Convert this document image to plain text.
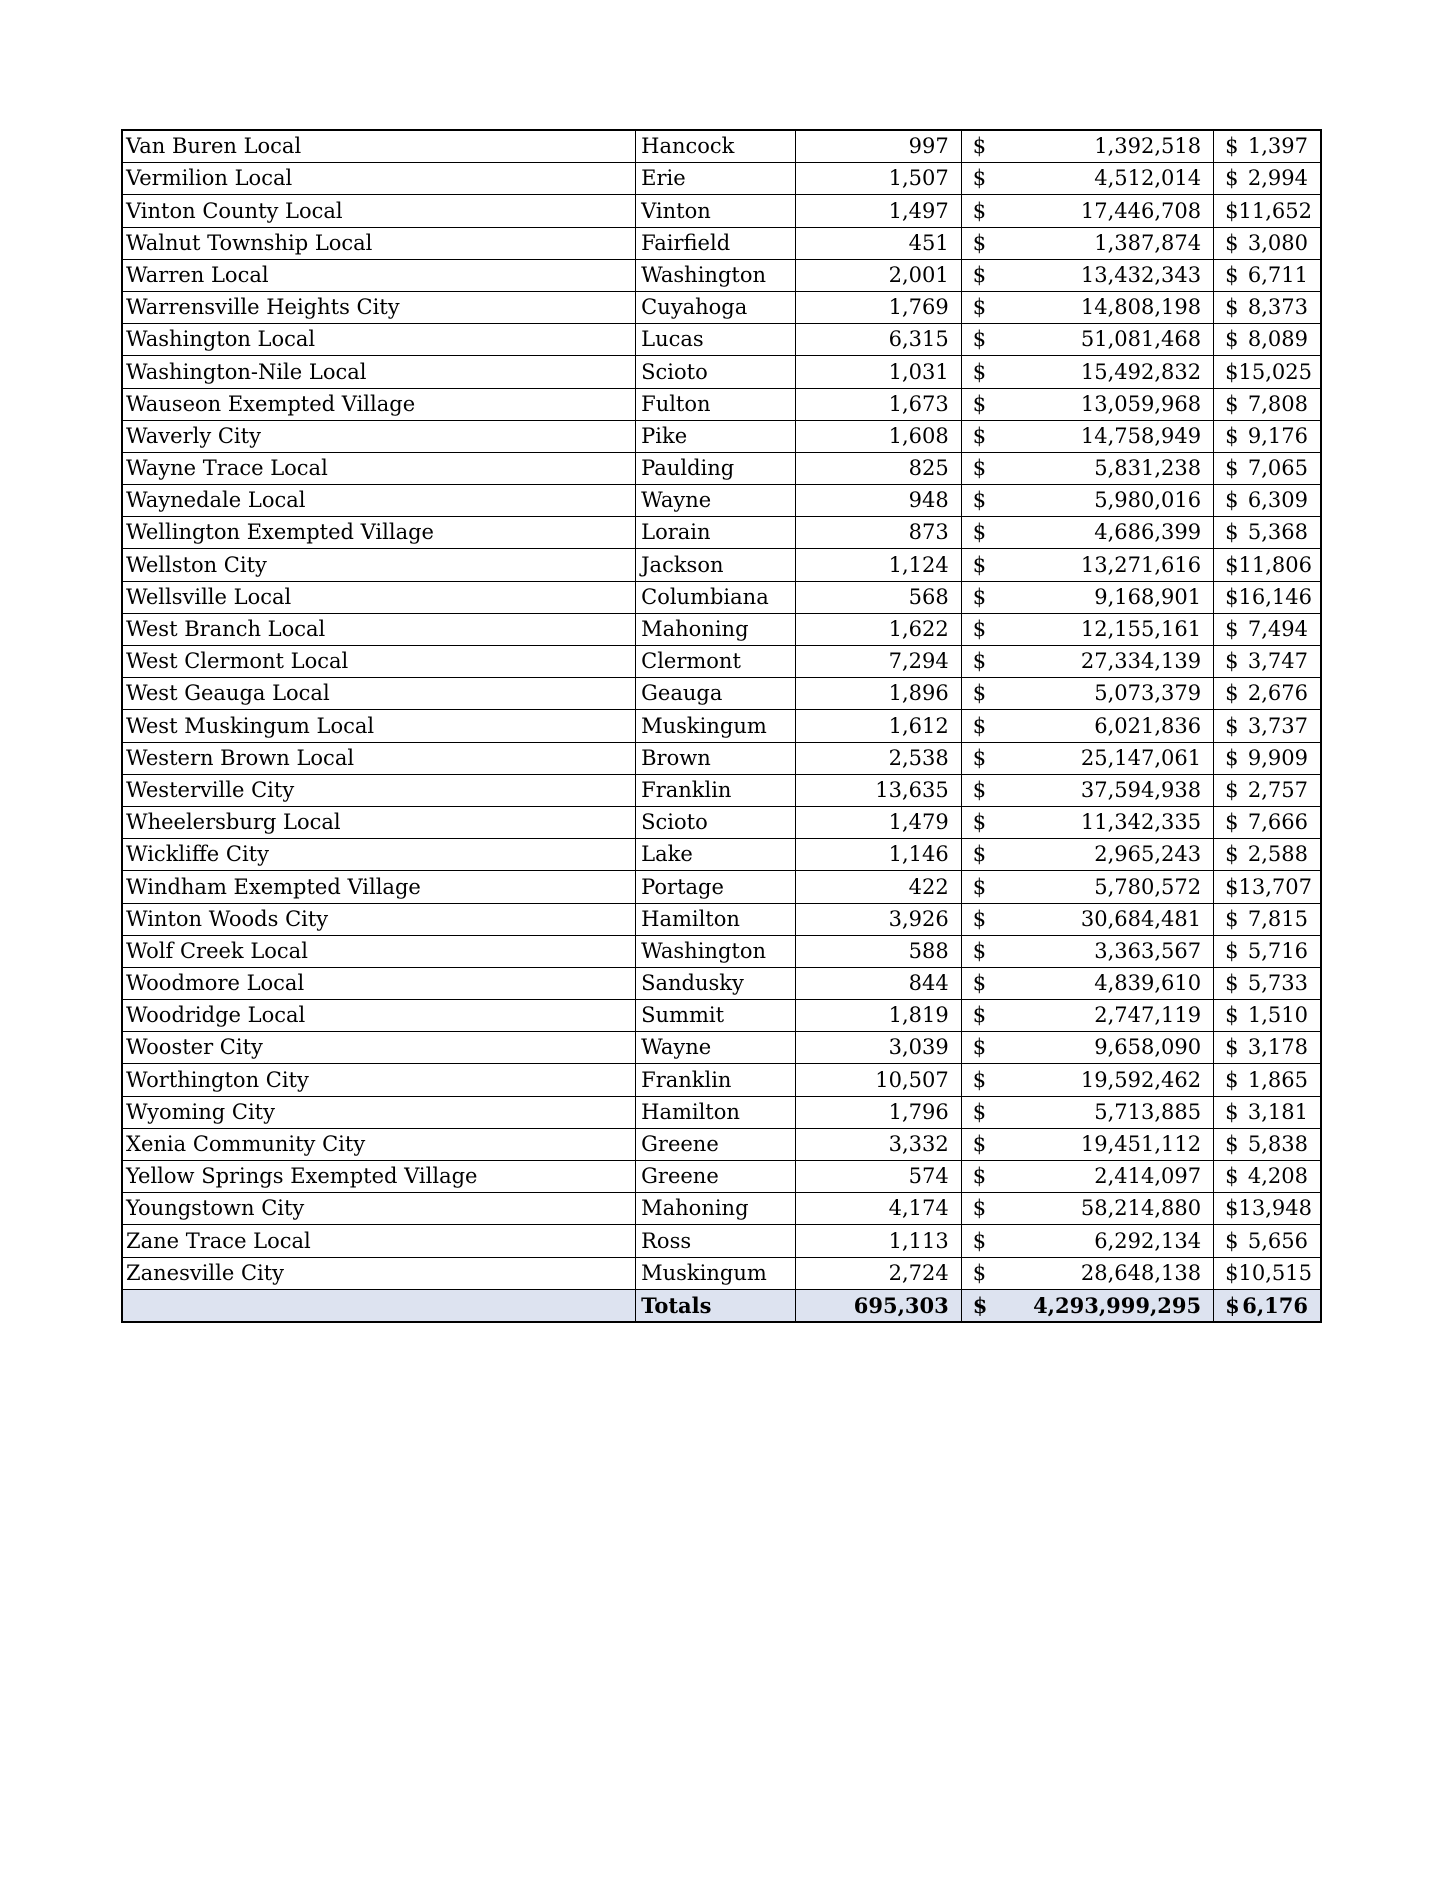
Van Buren Local	Hancock	997	$ 1,392,518	$ 1,397

Vermilion Local	Erie	1,507	$ 4,512,014	$ 2,994

Vinton County Local	Vinton	1,497	$ 17,446,708	$ 11,652

Walnut Township Local	Fairfield	451	$ 1,387,874	$ 3,080

Warren Local	Washington	2,001	$ 13,432,343	$ 6,711

Warrensville Heights City	Cuyahoga	1,769	$ 14,808,198	$ 8,373

Washington Local	Lucas	6,315	$ 51,081,468	$ 8,089

Washington-Nile Local	Scioto	1,031	$ 15,492,832	$ 15,025

Wauseon Exempted Village	Fulton	1,673	$ 13,059,968	$ 7,808

Waverly City	Pike	1,608	$ 14,758,949	$ 9,176

Wayne Trace Local	Paulding	825	$ 5,831,238	$ 7,065

Waynedale Local	Wayne	948	$ 5,980,016	$ 6,309

Wellington Exempted Village	Lorain	873	$ 4,686,399	$ 5,368

Wellston City	Jackson	1,124	$ 13,271,616	$ 11,806

Wellsville Local	Columbiana	568	$ 9,168,901	$ 16,146

West Branch Local	Mahoning	1,622	$ 12,155,161	$ 7,494

West Clermont Local	Clermont	7,294	$ 27,334,139	$ 3,747

West Geauga Local	Geauga	1,896	$ 5,073,379	$ 2,676

West Muskingum Local	Muskingum	1,612	$ 6,021,836	$ 3,737

Western Brown Local	Brown	2,538	$ 25,147,061	$ 9,909

Westerville City	Franklin	13,635	$ 37,594,938	$ 2,757

Wheelersburg Local	Scioto	1,479	$ 11,342,335	$ 7,666

Wickliffe City	Lake	1,146	$ 2,965,243	$ 2,588

Windham Exempted Village	Portage	422	$ 5,780,572	$ 13,707

Winton Woods City	Hamilton	3,926	$ 30,684,481	$ 7,815

Wolf Creek Local	Washington	588	$ 3,363,567	$ 5,716

Woodmore Local	Sandusky	844	$ 4,839,610	$ 5,733

Woodridge Local	Summit	1,819	$ 2,747,119	$ 1,510

Wooster City	Wayne	3,039	$ 9,658,090	$ 3,178

Worthington City	Franklin	10,507	$ 19,592,462	$ 1,865

Wyoming City	Hamilton	1,796	$ 5,713,885	$ 3,181

Xenia Community City	Greene	3,332	$ 19,451,112	$ 5,838

Yellow Springs Exempted Village	Greene	574	$ 2,414,097	$ 4,208

Youngstown City	Mahoning	4,174	$ 58,214,880	$ 13,948

Zane Trace Local	Ross	1,113	$ 6,292,134	$ 5,656

Zanesville City	Muskingum	2,724	$ 28,648,138	$ 10,515

	Totals	695,303	$ 4,293,999,295	$ 6,176
